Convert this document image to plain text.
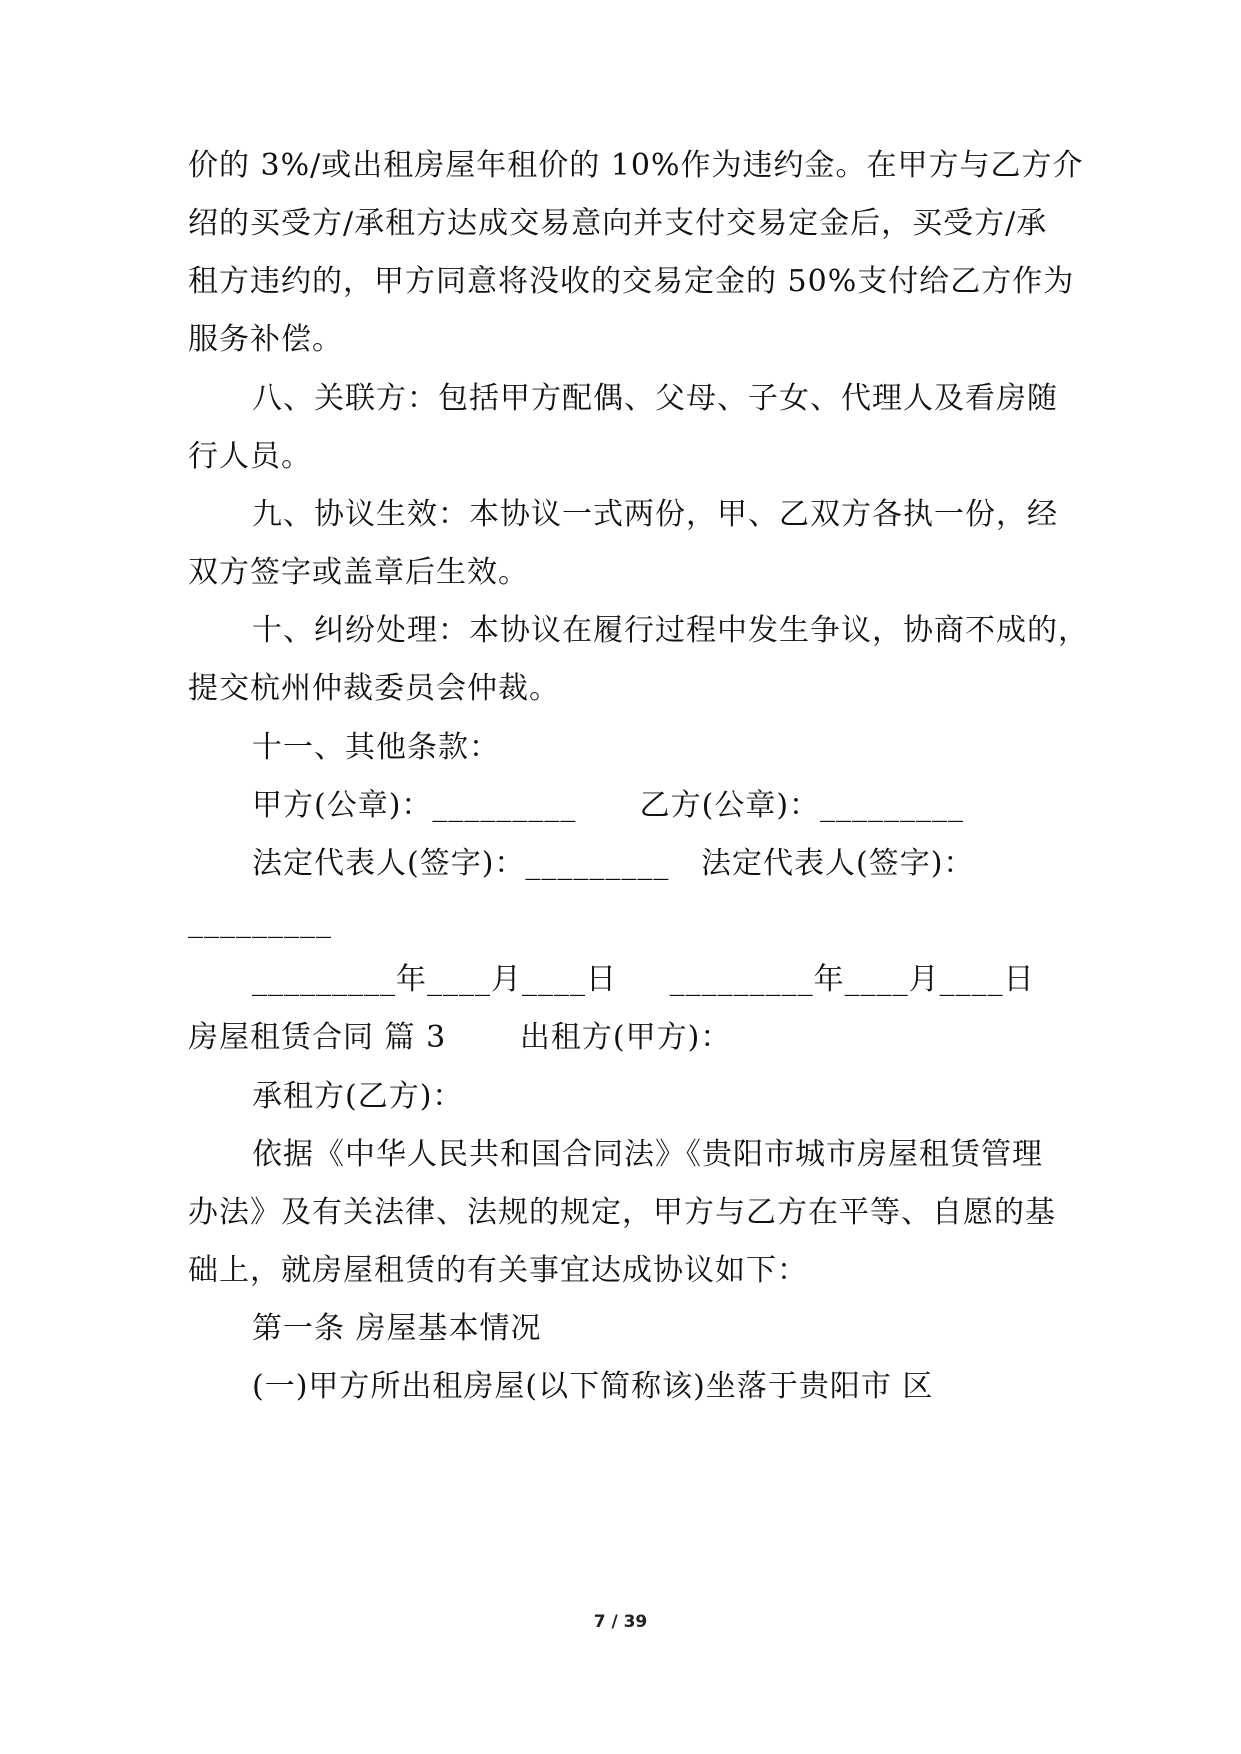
价的 3%/或出租房屋年租价的 10%作为违约金。在甲方与乙方介
绍的买受方/承租方达成交易意向并支付交易定金后，买受方/承
租方违约的，甲方同意将没收的交易定金的 50%支付给乙方作为
服务补偿。
八、关联方：包括甲方配偶、父母、子女、代理人及看房随
行人员。
九、协议生效：本协议一式两份，甲、乙双方各执一份，经
双方签字或盖章后生效。
十、纠纷处理：本协议在履行过程中发生争议，协商不成的，
提交杭州仲裁委员会仲裁。
十一、其他条款：
甲方(公章)：_________      乙方(公章)：_________
法定代表人(签字)：_________   法定代表人(签字)：
_________
_________年____月____日     _________年____月____日
房屋租赁合同 篇 3       出租方(甲方)：
承租方(乙方)：
依据《中华人民共和国合同法》《贵阳市城市房屋租赁管理
办法》及有关法律、法规的规定，甲方与乙方在平等、自愿的基
础上，就房屋租赁的有关事宜达成协议如下：
第一条 房屋基本情况
(一)甲方所出租房屋(以下简称该)坐落于贵阳市 区
7 / 39
